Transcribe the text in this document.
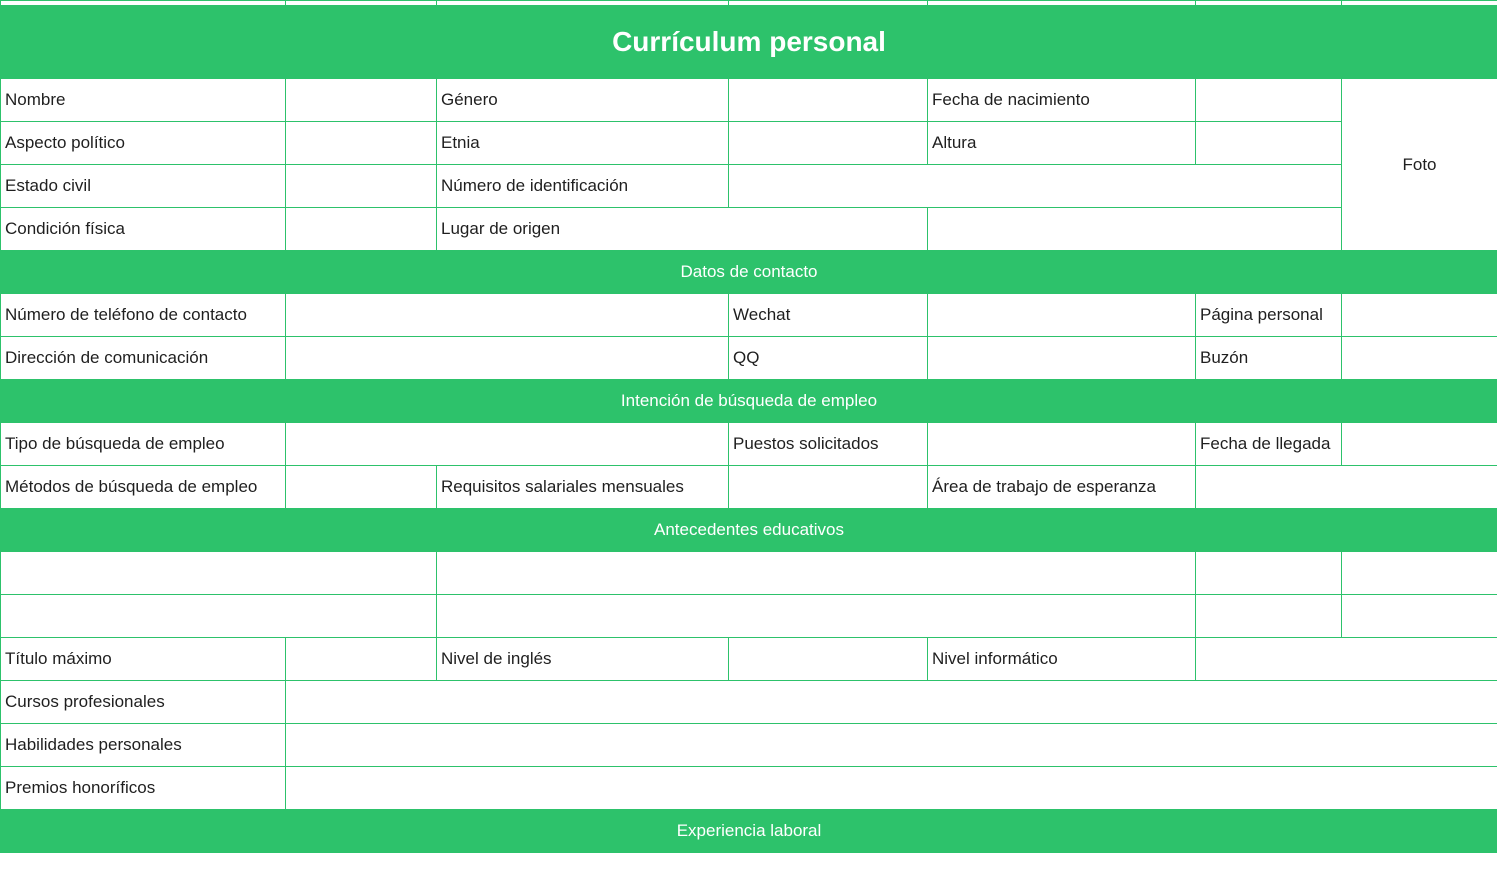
Currículum personal						
Nombre		Género		Fecha de nacimiento		Foto
Aspecto político		Etnia		Altura		
Estado civil		Número de identificación				
Condición física		Lugar de origen				
Datos de contacto						
Número de teléfono de contacto			Wechat		Página personal	
Dirección de comunicación			QQ		Buzón	
Intención de búsqueda de empleo						
Tipo de búsqueda de empleo			Puestos solicitados		Fecha de llegada	
Métodos de búsqueda de empleo		Requisitos salariales mensuales		Área de trabajo de esperanza		
Antecedentes educativos						

Título máximo		Nivel de inglés		Nivel informático		
Cursos profesionales						
Habilidades personales						
Premios honoríficos						
Experiencia laboral						
